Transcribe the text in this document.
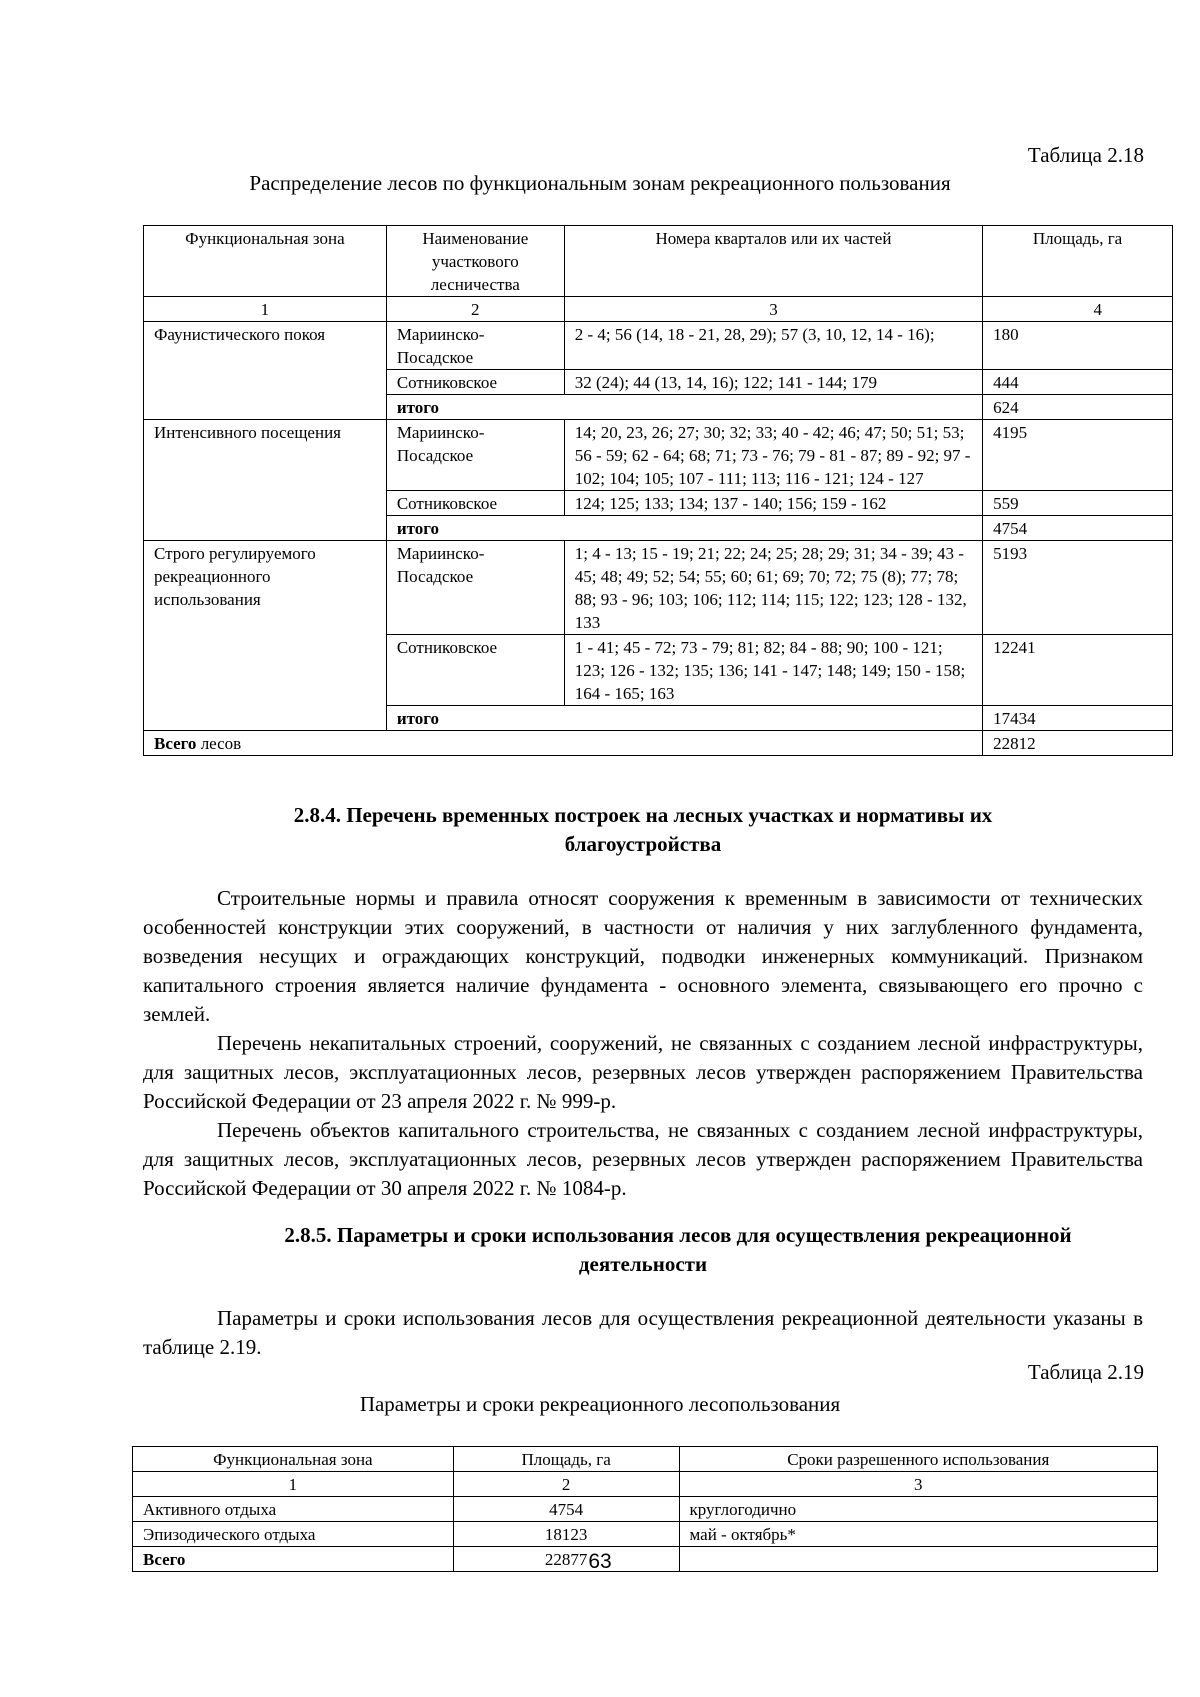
Таблица 2.18
Распределение лесов по функциональным зонам рекреационного пользования
Функциональная зона	Наименование участкового лесничества	Номера кварталов или их частей	Площадь, га
1	2	3	4
Фаунистического покоя	Мариинско-Посадское	2 - 4; 56 (14, 18 - 21, 28, 29); 57 (3, 10, 12, 14 - 16);	180
	Сотниковское	32 (24); 44 (13, 14, 16); 122; 141 - 144; 179	444
	итого		624
Интенсивного посещения	Мариинско-Посадское	14; 20, 23, 26; 27; 30; 32; 33; 40 - 42; 46; 47; 50; 51; 53; 56 - 59; 62 - 64; 68; 71; 73 - 76; 79 - 81 - 87; 89 - 92; 97 - 102; 104; 105; 107 - 111; 113; 116 - 121; 124 - 127	4195
	Сотниковское	124; 125; 133; 134; 137 - 140; 156; 159 - 162	559
	итого		4754
Строго регулируемого рекреационного использования	Мариинско-Посадское	1; 4 - 13; 15 - 19; 21; 22; 24; 25; 28; 29; 31; 34 - 39; 43 - 45; 48; 49; 52; 54; 55; 60; 61; 69; 70; 72; 75 (8); 77; 78; 88; 93 - 96; 103; 106; 112; 114; 115; 122; 123; 128 - 132, 133	5193
	Сотниковское	1 - 41; 45 - 72; 73 - 79; 81; 82; 84 - 88; 90; 100 - 121; 123; 126 - 132; 135; 136; 141 - 147; 148; 149; 150 - 158; 164 - 165; 163	12241
	итого		17434
Всего лесов			22812
2.8.4. Перечень временных построек на лесных участках и нормативы их
благоустройства

Строительные нормы и правила относят сооружения к временным в зависимости от технических особенностей конструкции этих сооружений, в частности от наличия у них заглубленного фундамента, возведения несущих и ограждающих конструкций, подводки инженерных коммуникаций. Признаком капитального строения является наличие фундамента - основного элемента, связывающего его прочно с землей.

Перечень некапитальных строений, сооружений, не связанных с созданием лесной инфраструктуры, для защитных лесов, эксплуатационных лесов, резервных лесов утвержден распоряжением Правительства Российской Федерации от 23 апреля 2022 г. № 999-р.

Перечень объектов капитального строительства, не связанных с созданием лесной инфраструктуры, для защитных лесов, эксплуатационных лесов, резервных лесов утвержден распоряжением Правительства Российской Федерации от 30 апреля 2022 г. № 1084-р.

2.8.5. Параметры и сроки использования лесов для осуществления рекреационной
деятельности

Параметры и сроки использования лесов для осуществления рекреационной деятельности указаны в таблице 2.19.

Таблица 2.19
Параметры и сроки рекреационного лесопользования
Функциональная зона	Площадь, га	Сроки разрешенного использования
1	2	3
Активного отдыха	4754	круглогодично
Эпизодического отдыха	18123	май - октябрь*
Всего	22877	63
